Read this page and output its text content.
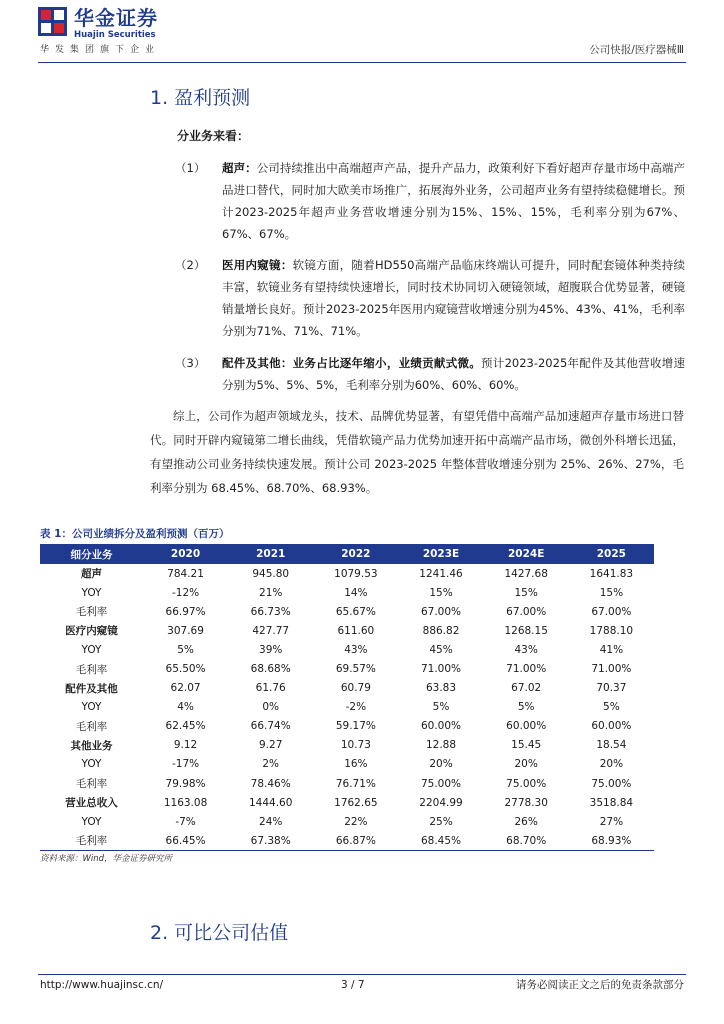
华金证券
Huajin Securities
华发集团旗下企业	公司快报/医疗器械Ⅲ
1. 盈利预测
分业务来看：
（1）	超声：公司持续推出中高端超声产品，提升产品力，政策利好下看好超声存量市场中高端产品进口替代，同时加大欧美市场推广，拓展海外业务，公司超声业务有望持续稳健增长。预计2023-2025年超声业务营收增速分别为15%、15%、15%，毛利率分别为67%、67%、67%。
（2）	医用内窥镜：软镜方面，随着HD550高端产品临床终端认可提升，同时配套镜体种类持续丰富，软镜业务有望持续快速增长，同时技术协同切入硬镜领域，超腹联合优势显著，硬镜销量增长良好。预计2023-2025年医用内窥镜营收增速分别为45%、43%、41%，毛利率分别为71%、71%、71%。
（3）	配件及其他：业务占比逐年缩小，业绩贡献式微。预计2023-2025年配件及其他营收增速分别为5%、5%、5%，毛利率分别为60%、60%、60%。
综上，公司作为超声领域龙头，技术、品牌优势显著，有望凭借中高端产品加速超声存量市场进口替代。同时开辟内窥镜第二增长曲线，凭借软镜产品力优势加速开拓中高端产品市场，微创外科增长迅猛，有望推动公司业务持续快速发展。预计公司 2023-2025 年整体营收增速分别为 25%、26%、27%，毛利率分别为 68.45%、68.70%、68.93%。
表 1：公司业绩拆分及盈利预测（百万）
细分业务	2020	2021	2022	2023E	2024E	2025
超声	784.21	945.80	1079.53	1241.46	1427.68	1641.83
YOY	-12%	21%	14%	15%	15%	15%
毛利率	66.97%	66.73%	65.67%	67.00%	67.00%	67.00%
医疗内窥镜	307.69	427.77	611.60	886.82	1268.15	1788.10
YOY	5%	39%	43%	45%	43%	41%
毛利率	65.50%	68.68%	69.57%	71.00%	71.00%	71.00%
配件及其他	62.07	61.76	60.79	63.83	67.02	70.37
YOY	4%	0%	-2%	5%	5%	5%
毛利率	62.45%	66.74%	59.17%	60.00%	60.00%	60.00%
其他业务	9.12	9.27	10.73	12.88	15.45	18.54
YOY	-17%	2%	16%	20%	20%	20%
毛利率	79.98%	78.46%	76.71%	75.00%	75.00%	75.00%
营业总收入	1163.08	1444.60	1762.65	2204.99	2778.30	3518.84
YOY	-7%	24%	22%	25%	26%	27%
毛利率	66.45%	67.38%	66.87%	68.45%	68.70%	68.93%
资料来源：Wind，华金证券研究所
2. 可比公司估值
http://www.huajinsc.cn/	3 / 7	请务必阅读正文之后的免责条款部分
